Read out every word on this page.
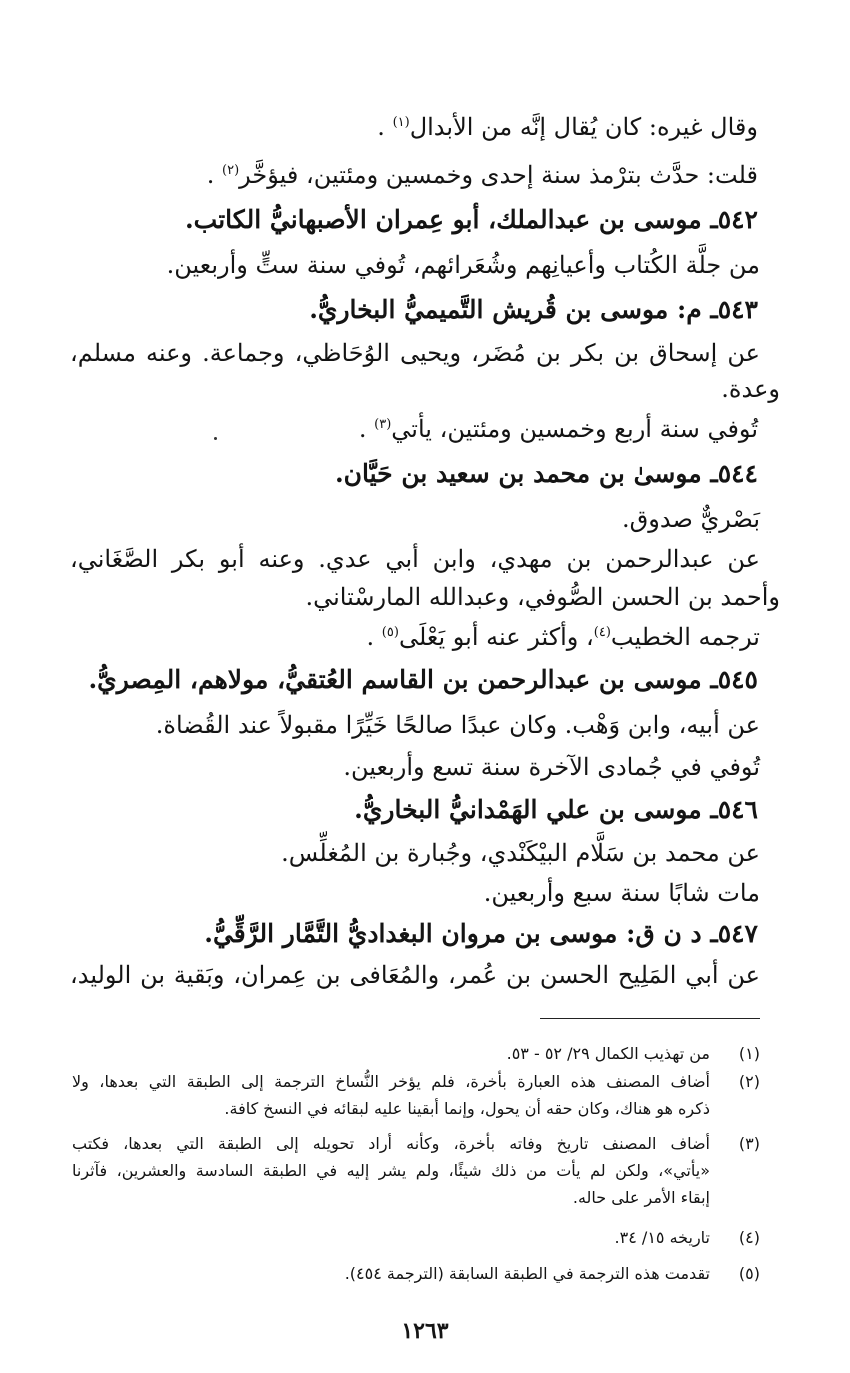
وقال غيره: كان يُقال إنَّه من الأبدال$^{(١)}$ .
قلت: حدَّث بترْمذ سنة إحدى وخمسين ومئتين، فيؤخَّر$^{(٢)}$ .
٥٤٢ـ موسى بن عبدالملك، أبو عِمران الأصبهانيُّ الكاتب.
من جلَّة الكُتاب وأعيانِهم وشُعَرائهم، تُوفي سنة ستٍّ وأربعين.
٥٤٣ـ م: موسى بن قُريش التَّميميُّ البخاريُّ.
عن إسحاق بن بكر بن مُضَر، ويحيى الوُحَاظي، وجماعة. وعنه مسلم،
وعدة.
تُوفي سنة أربع وخمسين ومئتين، يأتي$^{(٣)}$ .
٥٤٤ـ موسىٰ بن محمد بن سعيد بن حَيَّان.
بَصْريٌّ صدوق.
عن عبدالرحمن بن مهدي، وابن أبي عدي. وعنه أبو بكر الصَّغَاني،
وأحمد بن الحسن الصُّوفي، وعبدالله المارسْتاني.
ترجمه الخطيب$^{(٤)}$، وأكثر عنه أبو يَعْلَى$^{(٥)}$ .
٥٤٥ـ موسى بن عبدالرحمن بن القاسم العُتقيُّ، مولاهم، المِصريُّ.
عن أبيه، وابن وَهْب. وكان عبدًا صالحًا خَيِّرًا مقبولاً عند القُضاة.
تُوفي في جُمادى الآخرة سنة تسع وأربعين.
٥٤٦ـ موسى بن علي الهَمْدانيُّ البخاريُّ.
عن محمد بن سَلَّام البيْكَنْدي، وجُبارة بن المُغلِّس.
مات شابًا سنة سبع وأربعين.
٥٤٧ـ د ن ق: موسى بن مروان البغداديُّ التَّمَّار الرَّقِّيُّ.
عن أبي المَلِيح الحسن بن عُمر، والمُعَافى بن عِمران، وبَقية بن الوليد،
(١)
من تهذيب الكمال ٢٩/ ٥٢ - ٥٣.
(٢)
أضاف المصنف هذه العبارة بأخرة، فلم يؤخر النُّساخ الترجمة إلى الطبقة التي بعدها، ولا
ذكره هو هناك، وكان حقه أن يحول، وإنما أبقينا عليه لبقائه في النسخ كافة.
(٣)
أضاف المصنف تاريخ وفاته بأخرة، وكأنه أراد تحويله إلى الطبقة التي بعدها، فكتب
«يأتي»، ولكن لم يأت من ذلك شيئًا، ولم يشر إليه في الطبقة السادسة والعشرين، فآثرنا
إبقاء الأمر على حاله.
(٤)
تاريخه ١٥/ ٣٤.
(٥)
تقدمت هذه الترجمة في الطبقة السابقة (الترجمة ٤٥٤).
١٢٦٣
